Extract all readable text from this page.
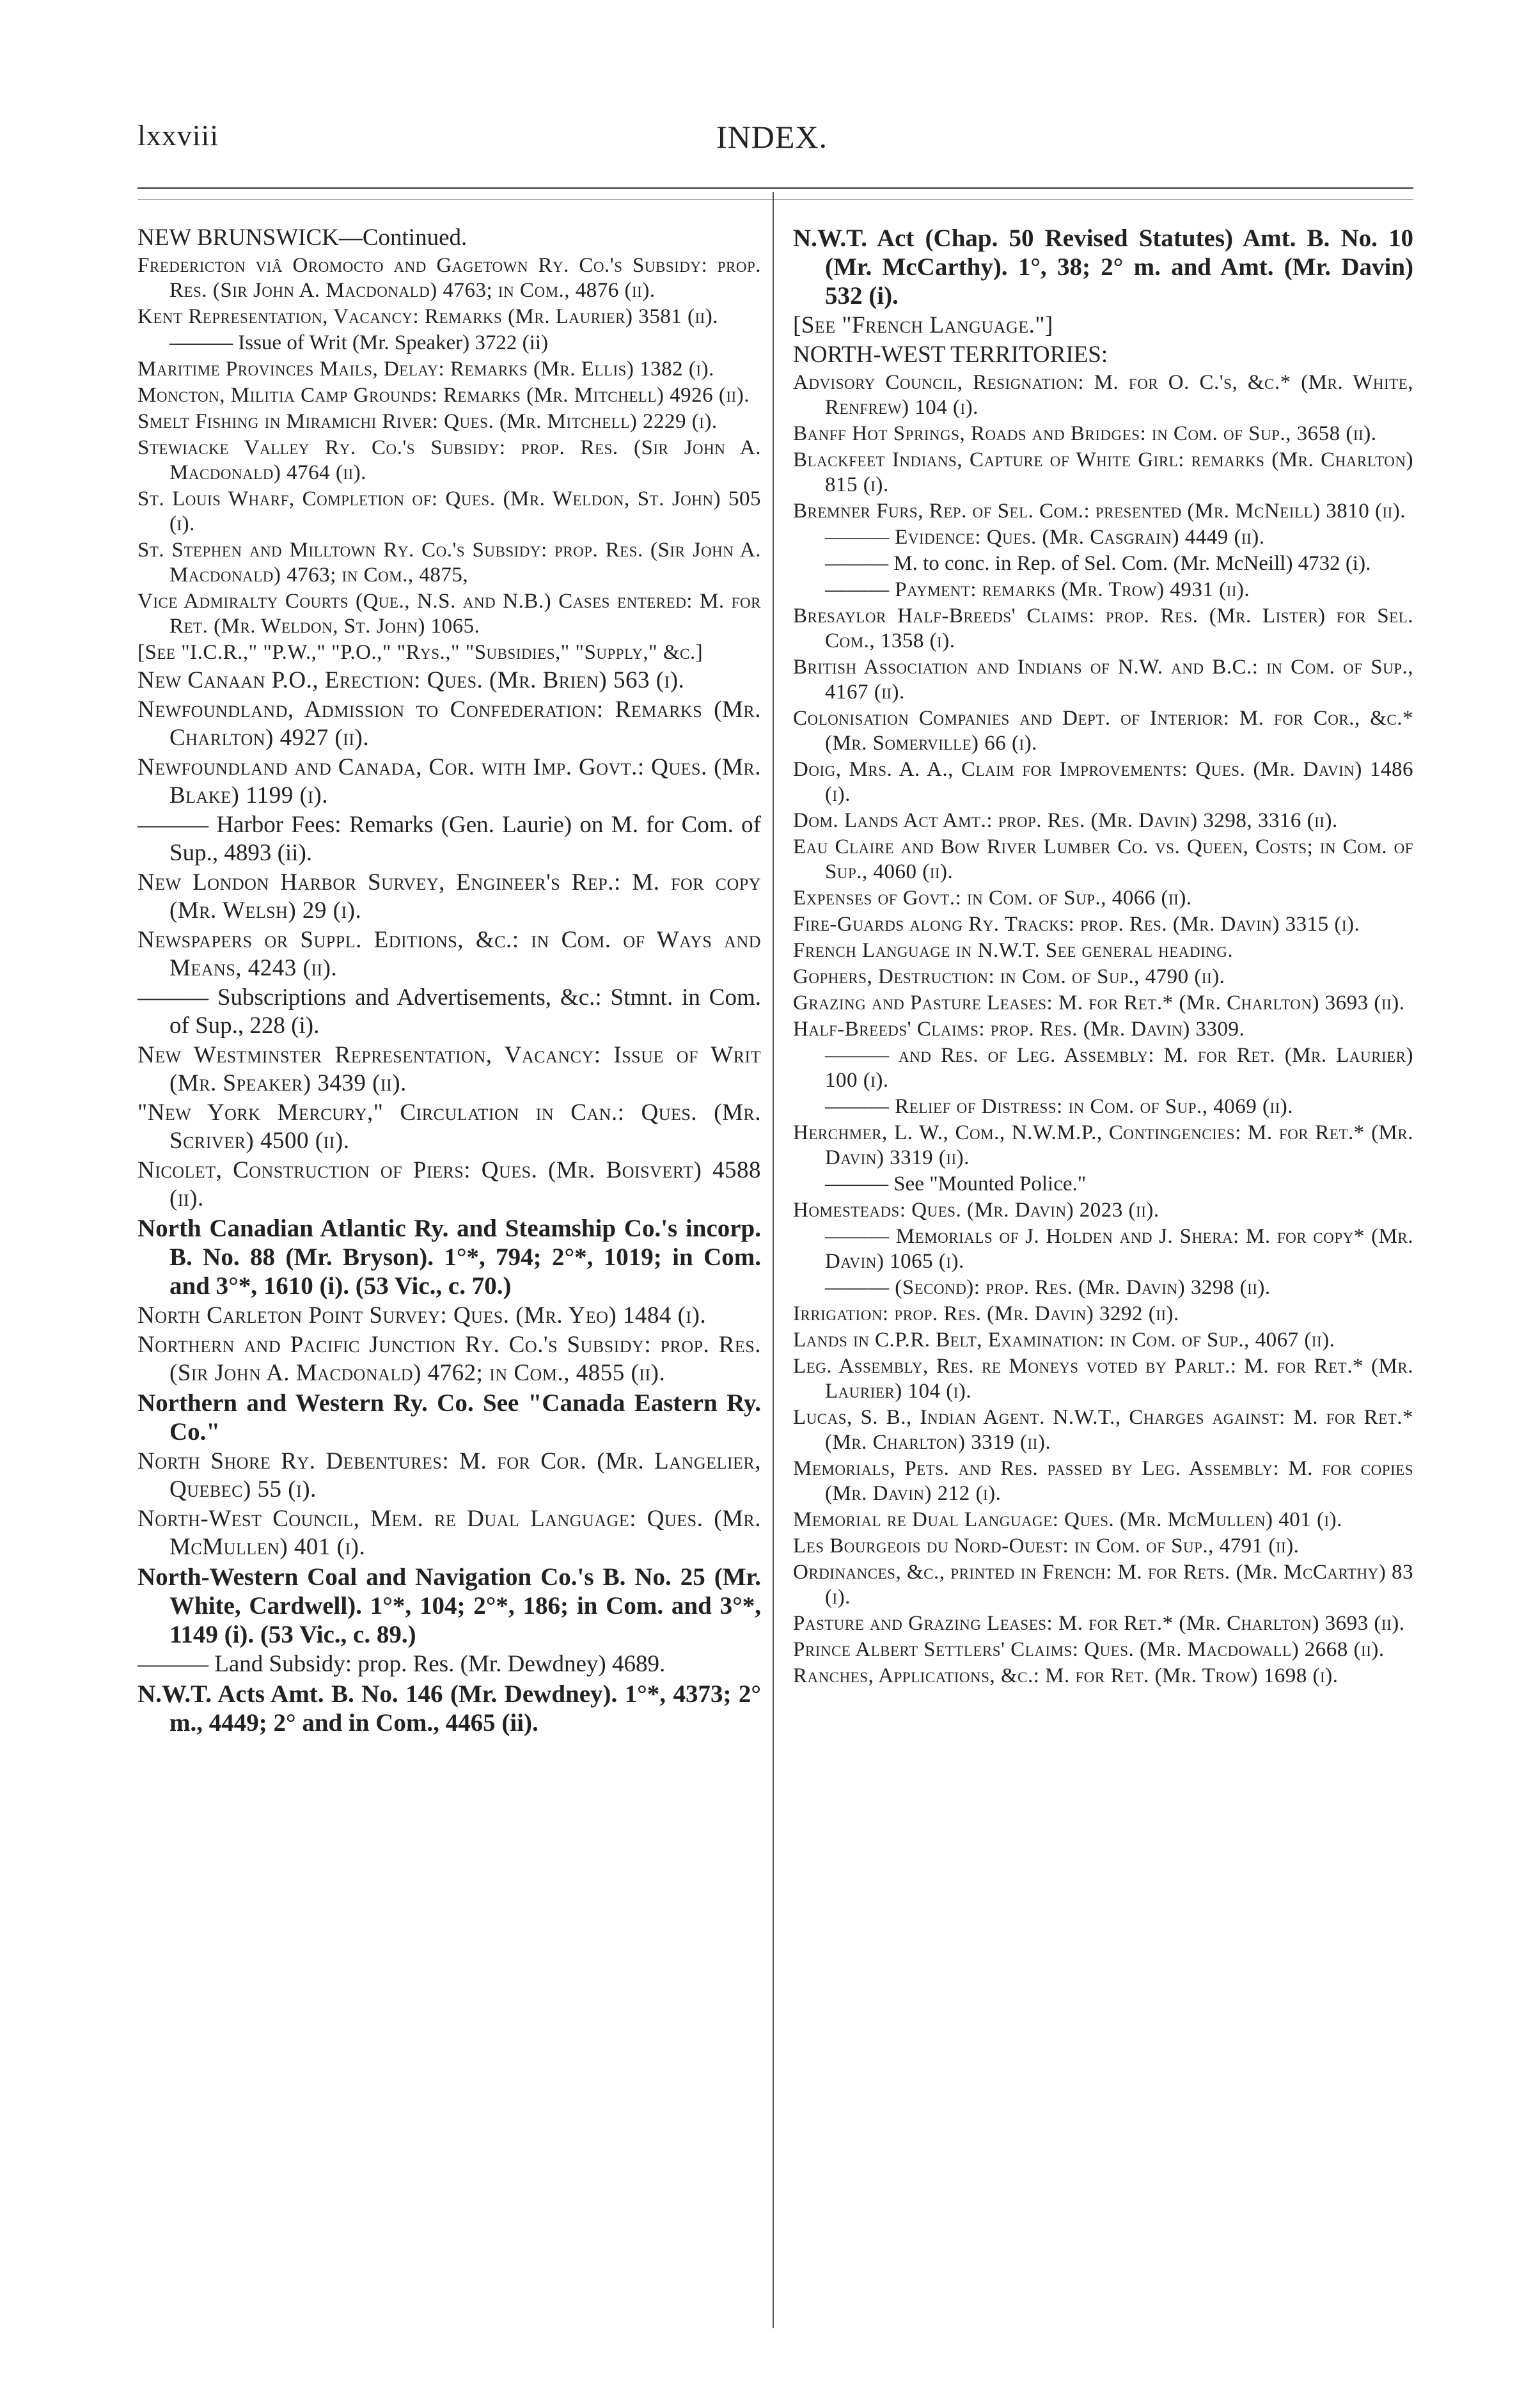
lxxviii	INDEX.
NEW BRUNSWICK—Continued.
Fredericton viâ Oromocto and Gagetown Ry. Co.'s Subsidy: prop. Res. (Sir John A. Macdonald) 4763; in Com., 4876 (ii).
Kent Representation, Vacancy: Remarks (Mr. Laurier) 3581 (ii).
——— Issue of Writ (Mr. Speaker) 3722 (ii)
Maritime Provinces Mails, Delay: Remarks (Mr. Ellis) 1382 (i).
Moncton, Militia Camp Grounds: Remarks (Mr. Mitchell) 4926 (ii).
Smelt Fishing in Miramichi River: Ques. (Mr. Mitchell) 2229 (i).
Stewiacke Valley Ry. Co.'s Subsidy: prop. Res. (Sir John A. Macdonald) 4764 (ii).
St. Louis Wharf, Completion of: Ques. (Mr. Weldon, St. John) 505 (i).
St. Stephen and Milltown Ry. Co.'s Subsidy: prop. Res. (Sir John A. Macdonald) 4763; in Com., 4875,
Vice Admiralty Courts (Que., N.S. and N.B.) Cases entered: M. for Ret. (Mr. Weldon, St. John) 1065.
[See "I.C.R.," "P.W.," "P.O.," "Rys.," "Subsidies," "Supply," &c.]
New Canaan P.O., Erection: Ques. (Mr. Brien) 563 (i).
Newfoundland, Admission to Confederation: Remarks (Mr. Charlton) 4927 (ii).
Newfoundland and Canada, Cor. with Imp. Govt.: Ques. (Mr. Blake) 1199 (i).
——— Harbor Fees: Remarks (Gen. Laurie) on M. for Com. of Sup., 4893 (ii).
New London Harbor Survey, Engineer's Rep.: M. for copy (Mr. Welsh) 29 (i).
Newspapers or Suppl. Editions, &c.: in Com. of Ways and Means, 4243 (ii).
——— Subscriptions and Advertisements, &c.: Stmnt. in Com. of Sup., 228 (i).
New Westminster Representation, Vacancy: Issue of Writ (Mr. Speaker) 3439 (ii).
"New York Mercury," Circulation in Can.: Ques. (Mr. Scriver) 4500 (ii).
Nicolet, Construction of Piers: Ques. (Mr. Boisvert) 4588 (ii).
North Canadian Atlantic Ry. and Steamship Co.'s incorp. B. No. 88 (Mr. Bryson). 1°*, 794; 2°*, 1019; in Com. and 3°*, 1610 (i). (53 Vic., c. 70.)
North Carleton Point Survey: Ques. (Mr. Yeo) 1484 (i).
Northern and Pacific Junction Ry. Co.'s Subsidy: prop. Res. (Sir John A. Macdonald) 4762; in Com., 4855 (ii).
Northern and Western Ry. Co. See "Canada Eastern Ry. Co."
North Shore Ry. Debentures: M. for Cor. (Mr. Langelier, Quebec) 55 (i).
North-West Council, Mem. re Dual Language: Ques. (Mr. McMullen) 401 (i).
North-Western Coal and Navigation Co.'s B. No. 25 (Mr. White, Cardwell). 1°*, 104; 2°*, 186; in Com. and 3°*, 1149 (i). (53 Vic., c. 89.)
——— Land Subsidy: prop. Res. (Mr. Dewdney) 4689.
N.W.T. Acts Amt. B. No. 146 (Mr. Dewdney). 1°*, 4373; 2° m., 4449; 2° and in Com., 4465 (ii).
N.W.T. Act (Chap. 50 Revised Statutes) Amt. B. No. 10 (Mr. McCarthy). 1°, 38; 2° m. and Amt. (Mr. Davin) 532 (i).
[See "French Language."]
NORTH-WEST TERRITORIES:
Advisory Council, Resignation: M. for O. C.'s, &c.* (Mr. White, Renfrew) 104 (i).
Banff Hot Springs, Roads and Bridges: in Com. of Sup., 3658 (ii).
Blackfeet Indians, Capture of White Girl: remarks (Mr. Charlton) 815 (i).
Bremner Furs, Rep. of Sel. Com.: presented (Mr. McNeill) 3810 (ii).
——— Evidence: Ques. (Mr. Casgrain) 4449 (ii).
——— M. to conc. in Rep. of Sel. Com. (Mr. McNeill) 4732 (i).
——— Payment: remarks (Mr. Trow) 4931 (ii).
Bresaylor Half-Breeds' Claims: prop. Res. (Mr. Lister) for Sel. Com., 1358 (i).
British Association and Indians of N.W. and B.C.: in Com. of Sup., 4167 (ii).
Colonisation Companies and Dept. of Interior: M. for Cor., &c.* (Mr. Somerville) 66 (i).
Doig, Mrs. A. A., Claim for Improvements: Ques. (Mr. Davin) 1486 (i).
Dom. Lands Act Amt.: prop. Res. (Mr. Davin) 3298, 3316 (ii).
Eau Claire and Bow River Lumber Co. vs. Queen, Costs; in Com. of Sup., 4060 (ii).
Expenses of Govt.: in Com. of Sup., 4066 (ii).
Fire-Guards along Ry. Tracks: prop. Res. (Mr. Davin) 3315 (i).
French Language in N.W.T. See general heading.
Gophers, Destruction: in Com. of Sup., 4790 (ii).
Grazing and Pasture Leases: M. for Ret.* (Mr. Charlton) 3693 (ii).
Half-Breeds' Claims: prop. Res. (Mr. Davin) 3309.
——— and Res. of Leg. Assembly: M. for Ret. (Mr. Laurier) 100 (i).
——— Relief of Distress: in Com. of Sup., 4069 (ii).
Herchmer, L. W., Com., N.W.M.P., Contingencies: M. for Ret.* (Mr. Davin) 3319 (ii).
——— See "Mounted Police."
Homesteads: Ques. (Mr. Davin) 2023 (ii).
——— Memorials of J. Holden and J. Shera: M. for copy* (Mr. Davin) 1065 (i).
——— (Second): prop. Res. (Mr. Davin) 3298 (ii).
Irrigation: prop. Res. (Mr. Davin) 3292 (ii).
Lands in C.P.R. Belt, Examination: in Com. of Sup., 4067 (ii).
Leg. Assembly, Res. re Moneys voted by Parlt.: M. for Ret.* (Mr. Laurier) 104 (i).
Lucas, S. B., Indian Agent. N.W.T., Charges against: M. for Ret.* (Mr. Charlton) 3319 (ii).
Memorials, Pets. and Res. passed by Leg. Assembly: M. for copies (Mr. Davin) 212 (i).
Memorial re Dual Language: Ques. (Mr. McMullen) 401 (i).
Les Bourgeois du Nord-Ouest: in Com. of Sup., 4791 (ii).
Ordinances, &c., printed in French: M. for Rets. (Mr. McCarthy) 83 (i).
Pasture and Grazing Leases: M. for Ret.* (Mr. Charlton) 3693 (ii).
Prince Albert Settlers' Claims: Ques. (Mr. Macdowall) 2668 (ii).
Ranches, Applications, &c.: M. for Ret. (Mr. Trow) 1698 (i).
